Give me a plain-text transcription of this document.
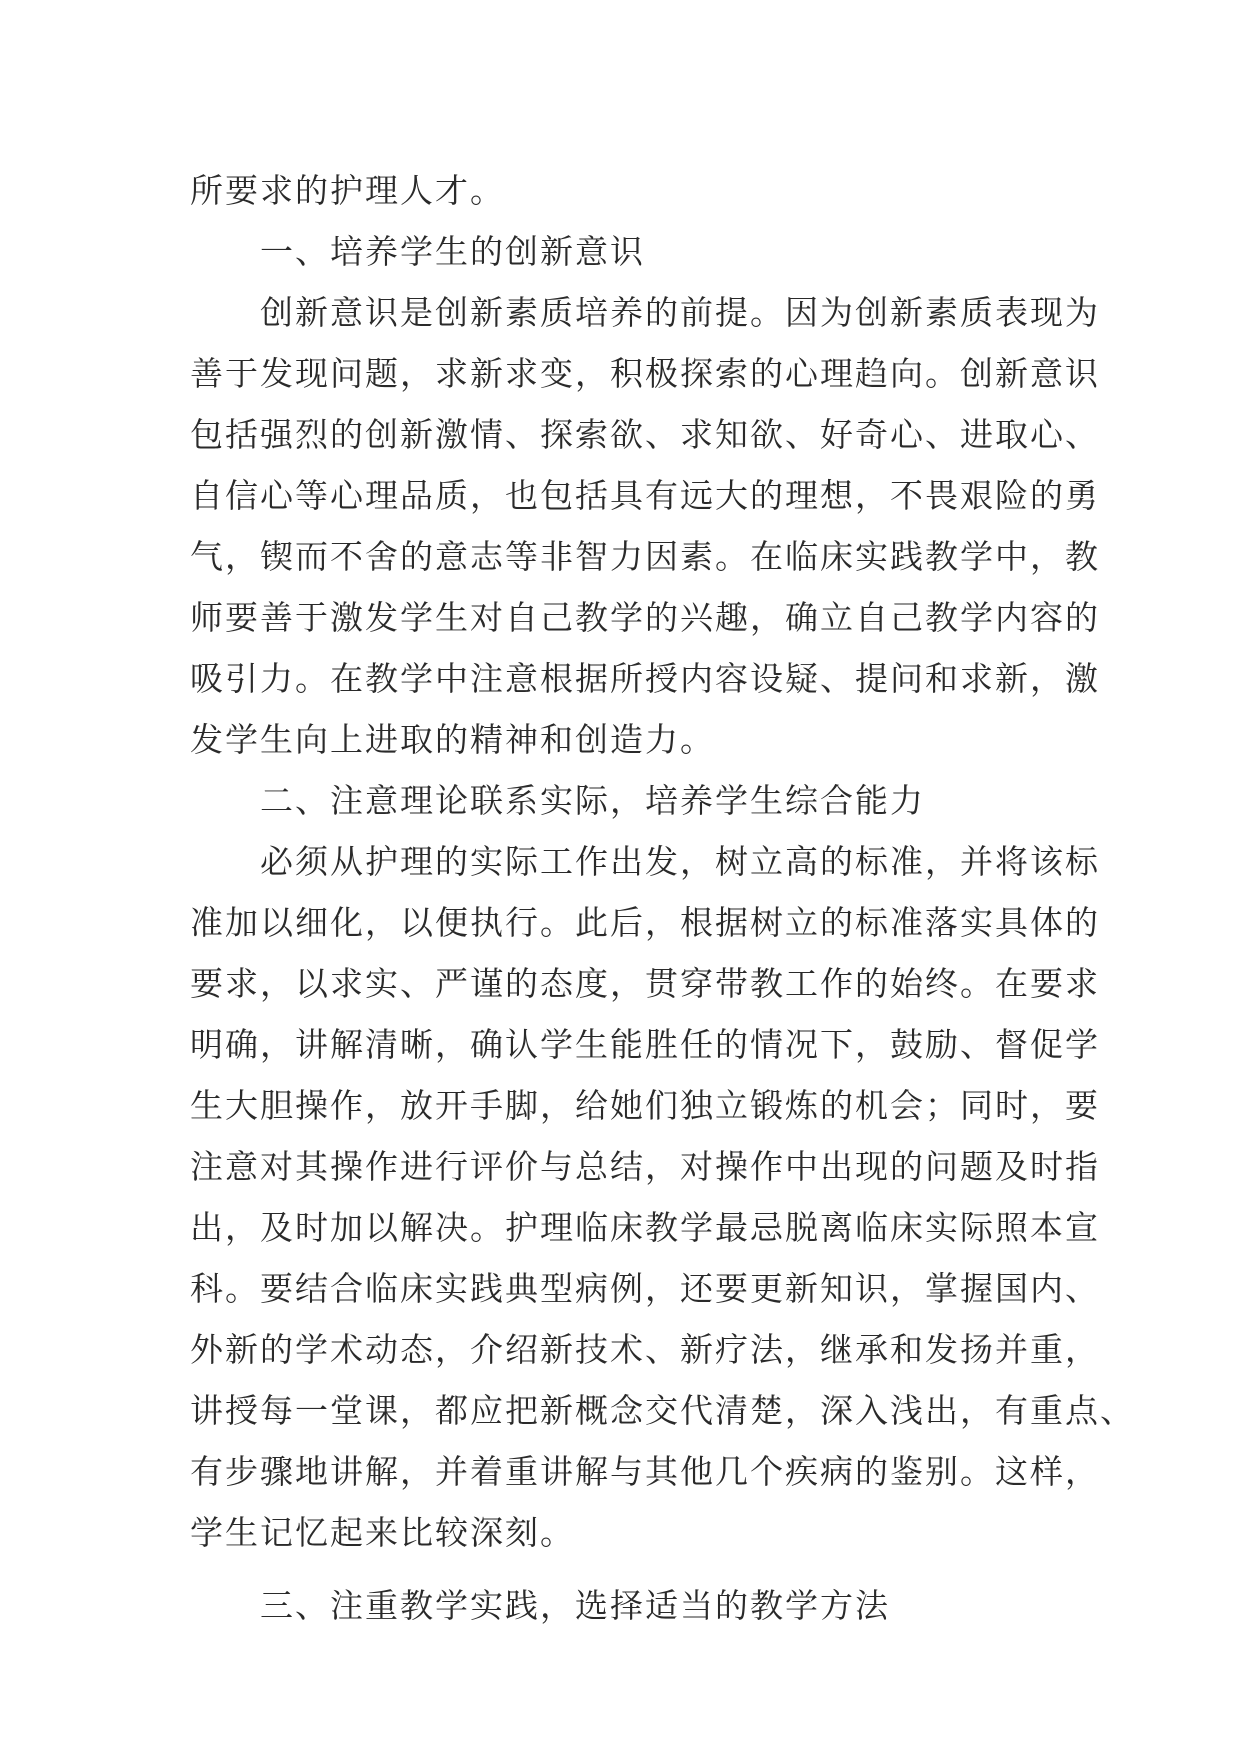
所要求的护理人才。
一、培养学生的创新意识
创新意识是创新素质培养的前提。因为创新素质表现为
善于发现问题，求新求变，积极探索的心理趋向。创新意识
包括强烈的创新激情、探索欲、求知欲、好奇心、进取心、
自信心等心理品质，也包括具有远大的理想，不畏艰险的勇
气，锲而不舍的意志等非智力因素。在临床实践教学中，教
师要善于激发学生对自己教学的兴趣，确立自己教学内容的
吸引力。在教学中注意根据所授内容设疑、提问和求新，激
发学生向上进取的精神和创造力。
二、注意理论联系实际，培养学生综合能力
必须从护理的实际工作出发，树立高的标准，并将该标
准加以细化，以便执行。此后，根据树立的标准落实具体的
要求，以求实、严谨的态度，贯穿带教工作的始终。在要求
明确，讲解清晰，确认学生能胜任的情况下，鼓励、督促学
生大胆操作，放开手脚，给她们独立锻炼的机会；同时，要
注意对其操作进行评价与总结，对操作中出现的问题及时指
出，及时加以解决。护理临床教学最忌脱离临床实际照本宣
科。要结合临床实践典型病例，还要更新知识，掌握国内、
外新的学术动态，介绍新技术、新疗法，继承和发扬并重，
讲授每一堂课，都应把新概念交代清楚，深入浅出，有重点、
有步骤地讲解，并着重讲解与其他几个疾病的鉴别。这样，
学生记忆起来比较深刻。
三、注重教学实践，选择适当的教学方法
